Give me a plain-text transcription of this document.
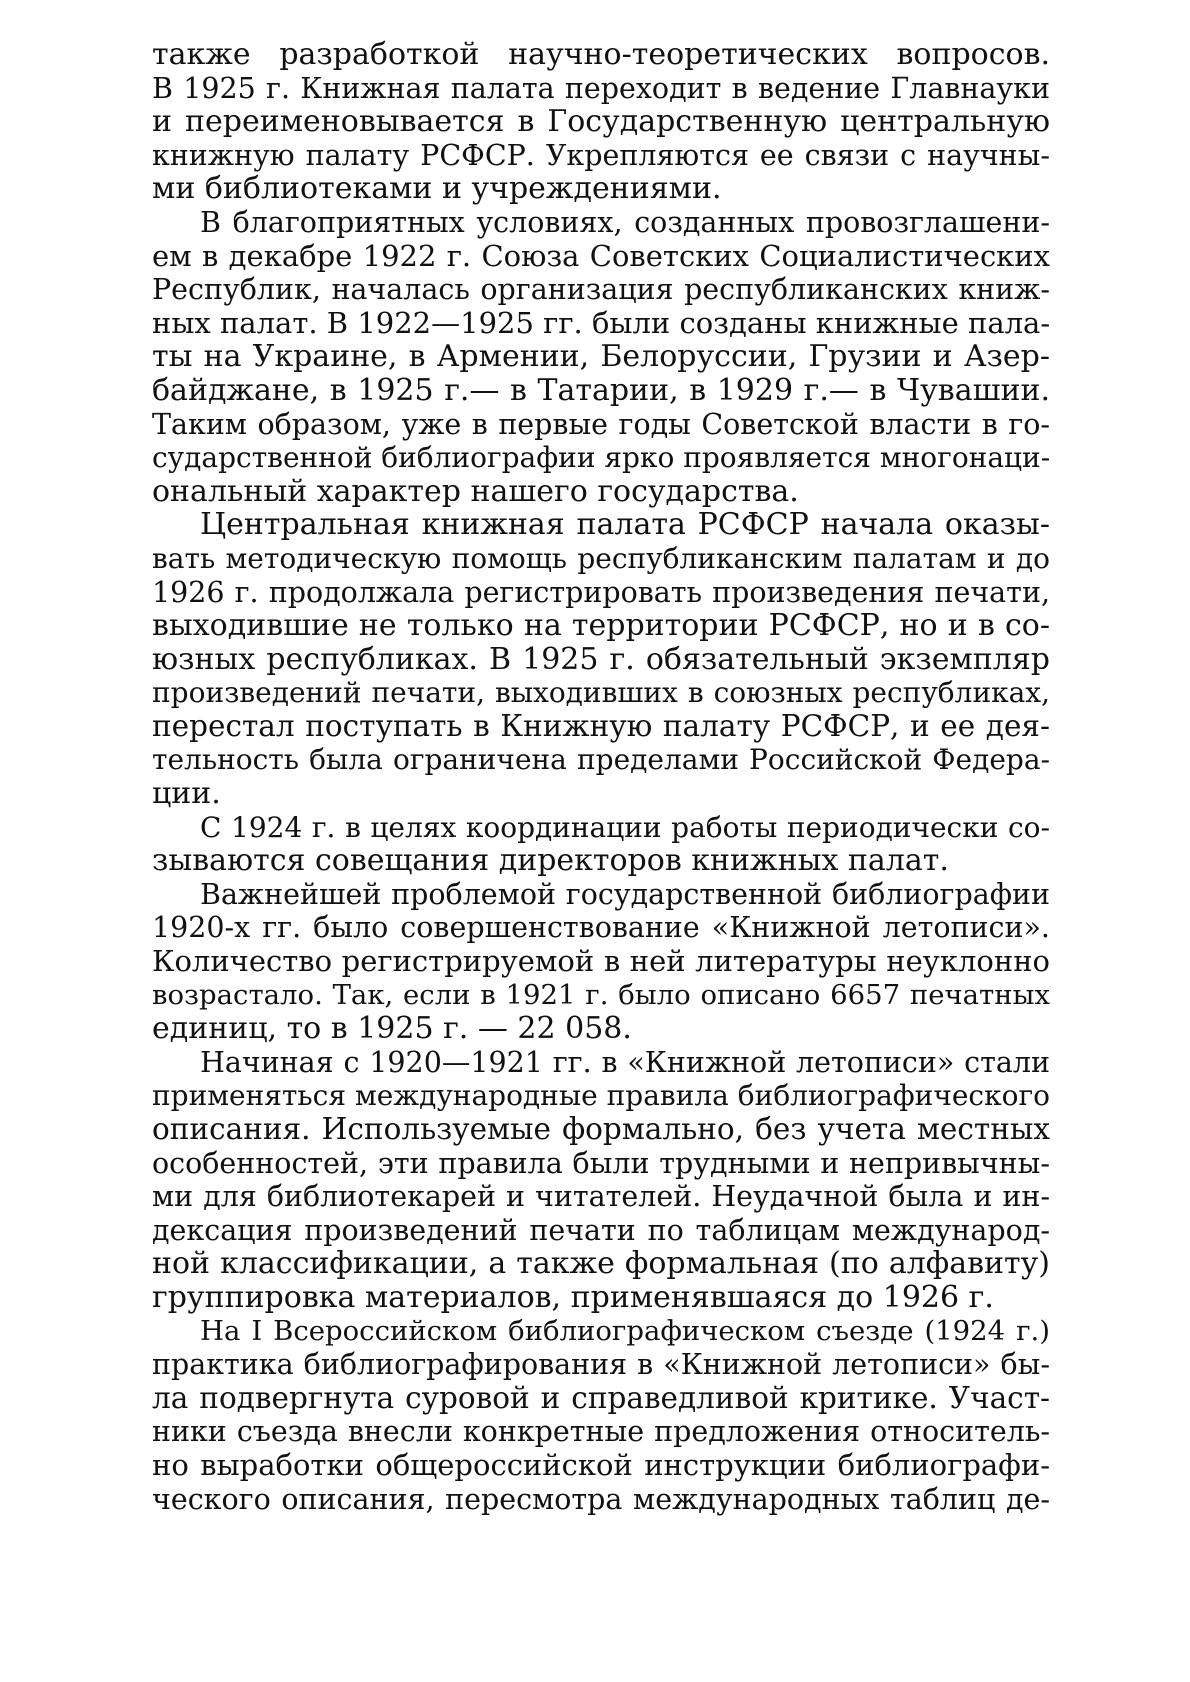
также разработкой научно-теоретических вопросов.
В 1925 г. Книжная палата переходит в ведение Главнауки
и переименовывается в Государственную центральную
книжную палату РСФСР. Укрепляются ее связи с научны-
ми библиотеками и учреждениями.
В благоприятных условиях, созданных провозглашени-
ем в декабре 1922 г. Союза Советских Социалистических
Республик, началась организация республиканских книж-
ных палат. В 1922—1925 гг. были созданы книжные пала-
ты на Украине, в Армении, Белоруссии, Грузии и Азер-
байджане, в 1925 г.— в Татарии, в 1929 г.— в Чувашии.
Таким образом, уже в первые годы Советской власти в го-
сударственной библиографии ярко проявляется многонаци-
ональный характер нашего государства.
Центральная книжная палата РСФСР начала оказы-
вать методическую помощь республиканским палатам и до
1926 г. продолжала регистрировать произведения печати,
выходившие не только на территории РСФСР, но и в со-
юзных республиках. В 1925 г. обязательный экземпляр
произведений печати, выходивших в союзных республиках,
перестал поступать в Книжную палату РСФСР, и ее дея-
тельность была ограничена пределами Российской Федера-
ции.
С 1924 г. в целях координации работы периодически со-
зываются совещания директоров книжных палат.
Важнейшей проблемой государственной библиографии
1920-х гг. было совершенствование «Книжной летописи».
Количество регистрируемой в ней литературы неуклонно
возрастало. Так, если в 1921 г. было описано 6657 печатных
единиц, то в 1925 г. — 22 058.
Начиная с 1920—1921 гг. в «Книжной летописи» стали
применяться международные правила библиографического
описания. Используемые формально, без учета местных
особенностей, эти правила были трудными и непривычны-
ми для библиотекарей и читателей. Неудачной была и ин-
дексация произведений печати по таблицам международ-
ной классификации, а также формальная (по алфавиту)
группировка материалов, применявшаяся до 1926 г.
На I Всероссийском библиографическом съезде (1924 г.)
практика библиографирования в «Книжной летописи» бы-
ла подвергнута суровой и справедливой критике. Участ-
ники съезда внесли конкретные предложения относитель-
но выработки общероссийской инструкции библиографи-
ческого описания, пересмотра международных таблиц де-
